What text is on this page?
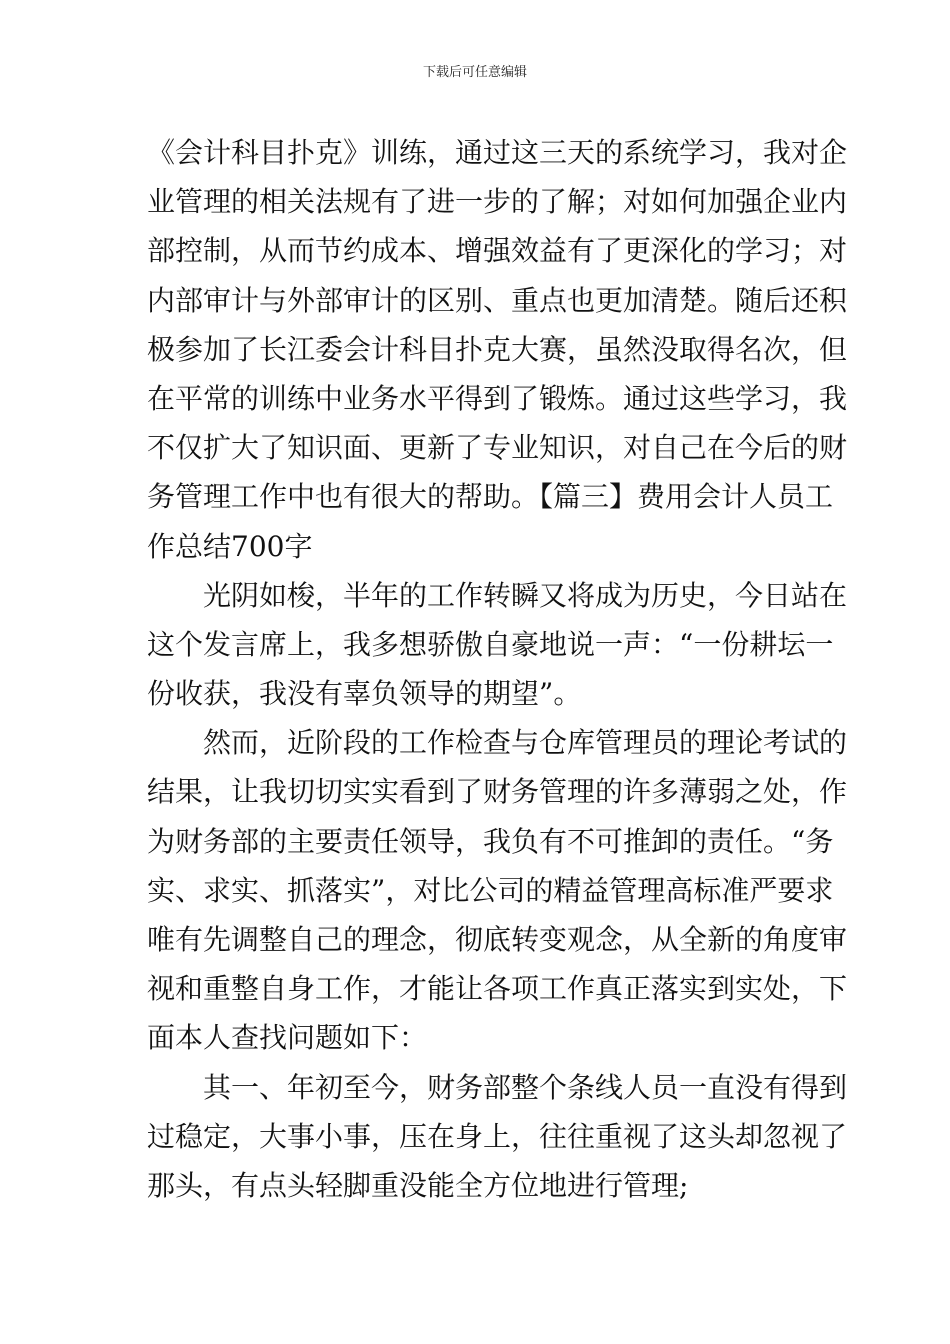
下载后可任意编辑
《会计科目扑克》训练，通过这三天的系统学习，我对企
业管理的相关法规有了进一步的了解；对如何加强企业内
部控制，从而节约成本、增强效益有了更深化的学习；对
内部审计与外部审计的区别、重点也更加清楚。随后还积
极参加了长江委会计科目扑克大赛，虽然没取得名次，但
在平常的训练中业务水平得到了锻炼。通过这些学习，我
不仅扩大了知识面、更新了专业知识，对自己在今后的财
务管理工作中也有很大的帮助。【篇三】费用会计人员工
作总结700字
光阴如梭，半年的工作转瞬又将成为历史，今日站在
这个发言席上，我多想骄傲自豪地说一声：“一份耕坛一
份收获，我没有辜负领导的期望”。
然而，近阶段的工作检查与仓库管理员的理论考试的
结果，让我切切实实看到了财务管理的许多薄弱之处，作
为财务部的主要责任领导，我负有不可推卸的责任。“务
实、求实、抓落实”，对比公司的精益管理高标准严要求
唯有先调整自己的理念，彻底转变观念，从全新的角度审
视和重整自身工作，才能让各项工作真正落实到实处，下
面本人查找问题如下：
其一、年初至今，财务部整个条线人员一直没有得到
过稳定，大事小事，压在身上，往往重视了这头却忽视了
那头，有点头轻脚重没能全方位地进行管理;
